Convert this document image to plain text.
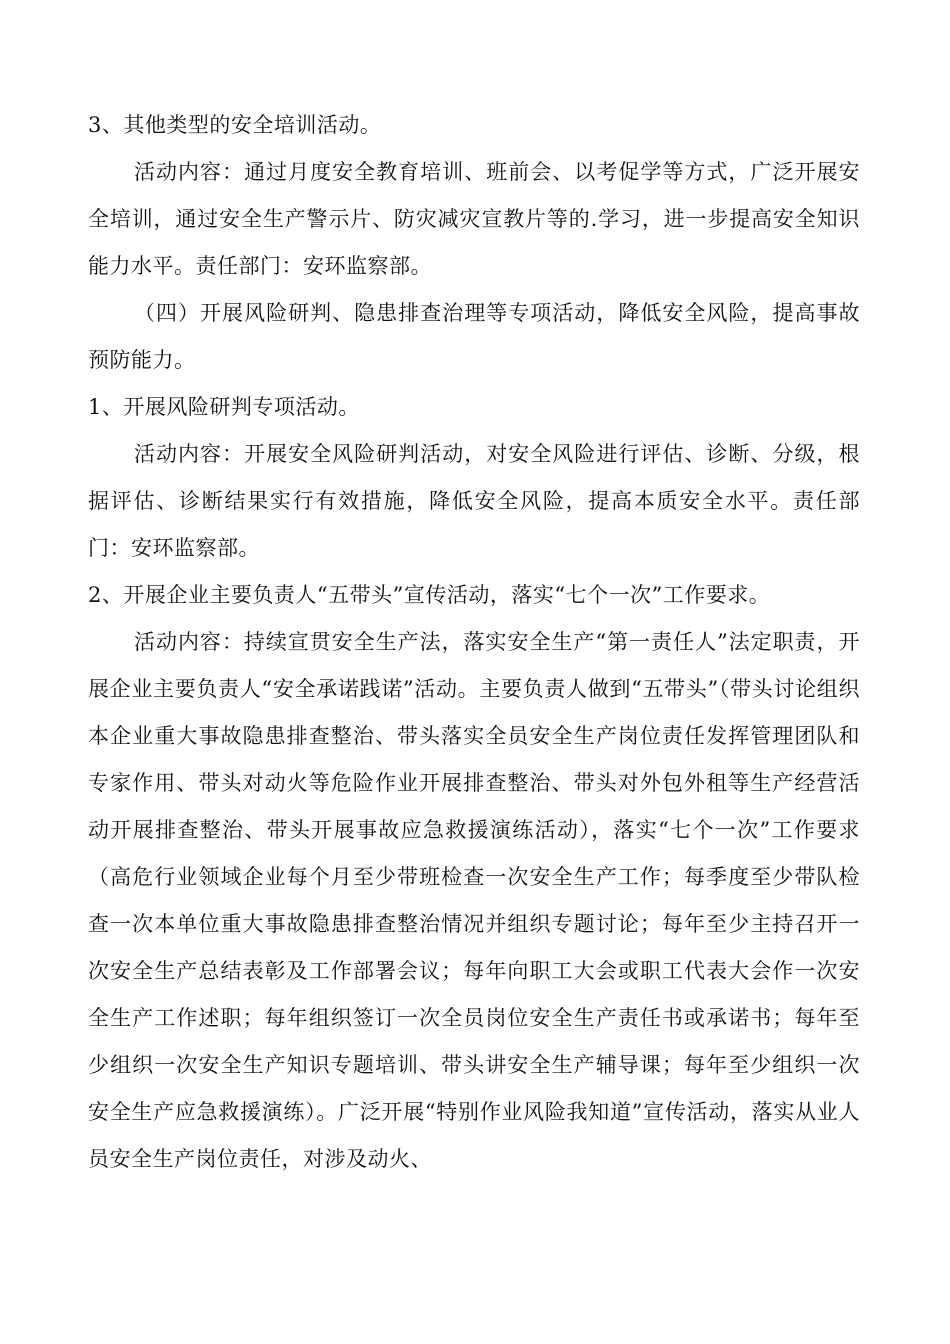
3、其他类型的安全培训活动。

活动内容：通过月度安全教育培训、班前会、以考促学等方式，广泛开展安全培训，通过安全生产警示片、防灾减灾宣教片等的.学习，进一步提高安全知识能力水平。责任部门：安环监察部。

（四）开展风险研判、隐患排查治理等专项活动，降低安全风险，提高事故预防能力。

1、开展风险研判专项活动。

活动内容：开展安全风险研判活动，对安全风险进行评估、诊断、分级，根据评估、诊断结果实行有效措施，降低安全风险，提高本质安全水平。责任部门：安环监察部。

2、开展企业主要负责人“五带头”宣传活动，落实“七个一次”工作要求。

活动内容：持续宣贯安全生产法，落实安全生产“第一责任人”法定职责，开展企业主要负责人“安全承诺践诺”活动。主要负责人做到“五带头”（带头讨论组织本企业重大事故隐患排查整治、带头落实全员安全生产岗位责任发挥管理团队和专家作用、带头对动火等危险作业开展排查整治、带头对外包外租等生产经营活动开展排查整治、带头开展事故应急救援演练活动），落实“七个一次”工作要求（高危行业领域企业每个月至少带班检查一次安全生产工作；每季度至少带队检查一次本单位重大事故隐患排查整治情况并组织专题讨论；每年至少主持召开一次安全生产总结表彰及工作部署会议；每年向职工大会或职工代表大会作一次安全生产工作述职；每年组织签订一次全员岗位安全生产责任书或承诺书；每年至少组织一次安全生产知识专题培训、带头讲安全生产辅导课；每年至少组织一次安全生产应急救援演练）。广泛开展“特别作业风险我知道”宣传活动，落实从业人员安全生产岗位责任，对涉及动火、
